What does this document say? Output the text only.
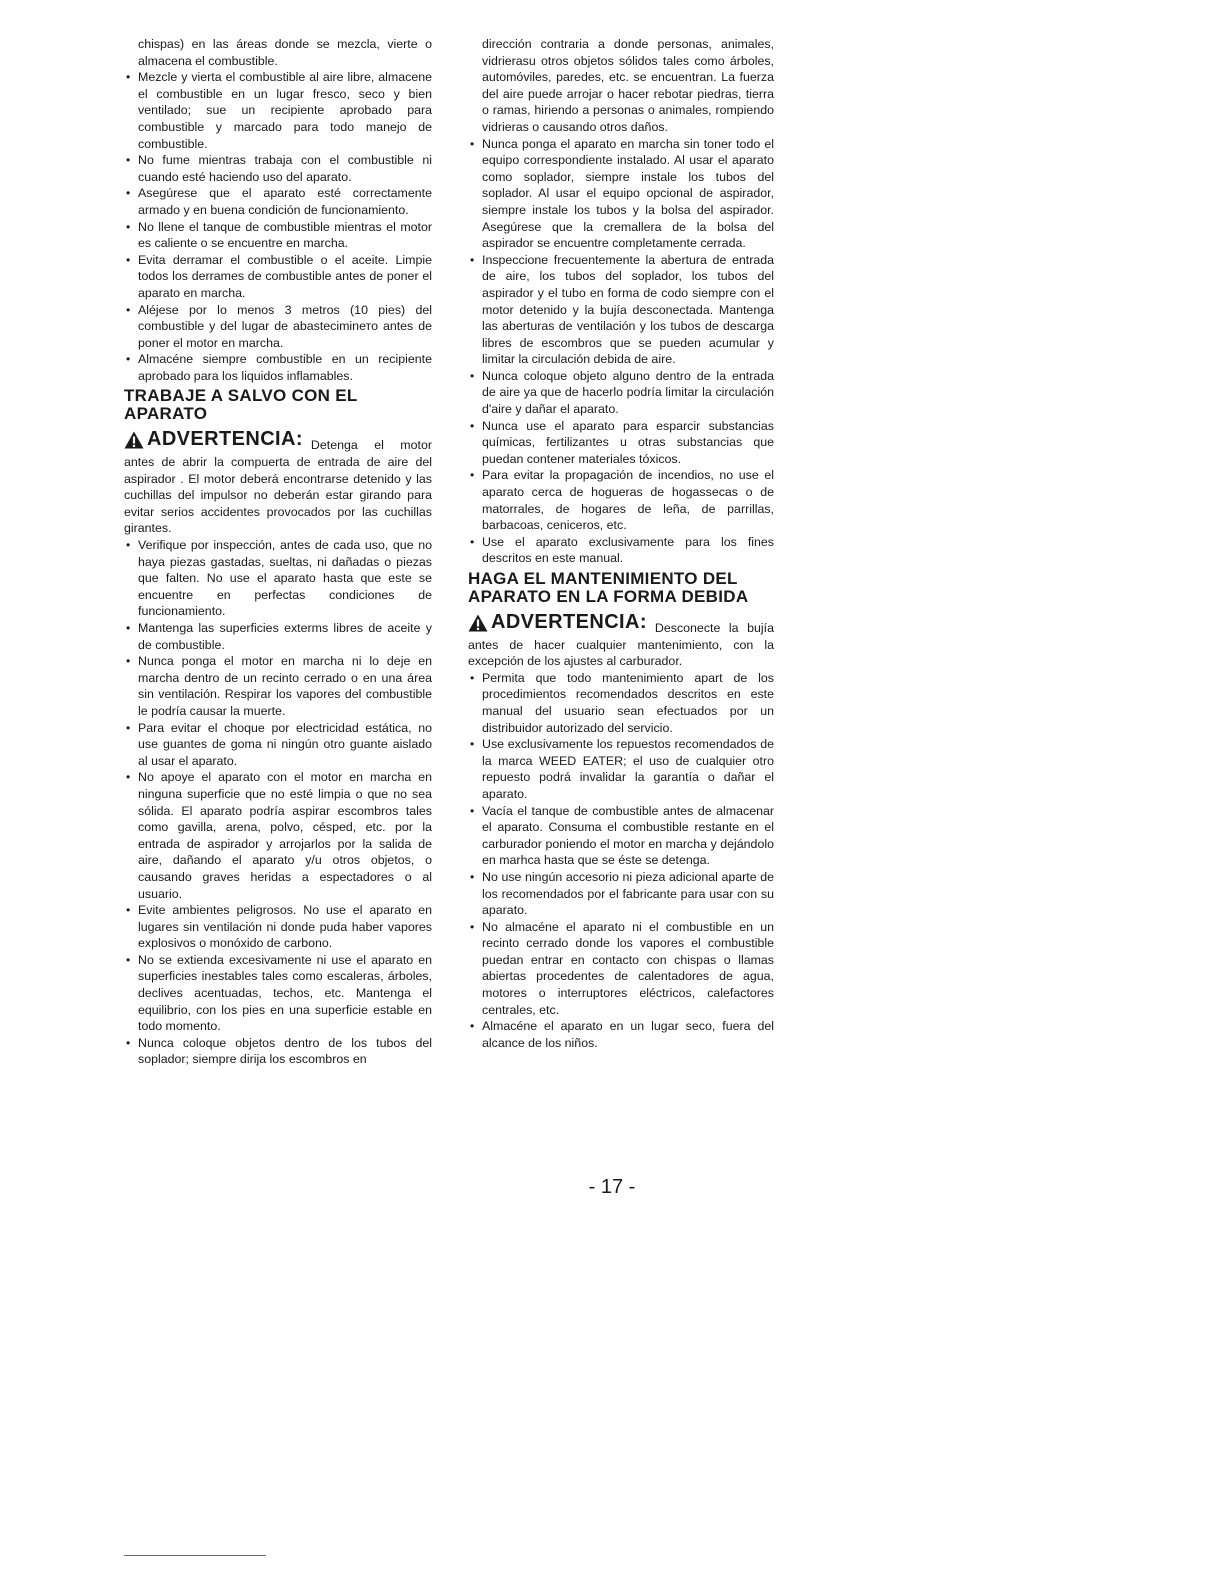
chispas) en las áreas donde se mezcla, vierte o almacena el combustible.

• Mezcle y vierta el combustible al aire libre, almacene el combustible en un lugar fresco, seco y bien ventilado; sue un recipiente aprobado para combustible y marcado para todo manejo de combustible.
• No fume mientras trabaja con el combustible ni cuando esté haciendo uso del aparato.
• Asegúrese que el aparato esté correctamente armado y en buena condición de funcionamiento.
• No llene el tanque de combustible mientras el motor es caliente o se encuentre en marcha.
• Evita derramar el combustible o el aceite. Limpie todos los derrames de combustible antes de poner el aparato en marcha.
• Aléjese por lo menos 3 metros (10 pies) del combustible y del lugar de abasteciminето antes de poner el motor en marcha.
• Almacéne siempre combustible en un recipiente aprobado para los liquidos inflamables.
TRABAJE A SALVO CON EL APARATO

ADVERTENCIA: Detenga el motor antes de abrir la compuerta de entrada de aire del aspirador . El motor deberá encontrarse detenido y las cuchillas del impulsor no deberán estar girando para evitar serios accidentes provocados por las cuchillas girantes.

• Verifique por inspección, antes de cada uso, que no haya piezas gastadas, sueltas, ni dañadas o piezas que falten. No use el aparato hasta que este se encuentre en perfectas condiciones de funcionamiento.
• Mantenga las superficies exterms libres de aceite y de combustible.
• Nunca ponga el motor en marcha ni lo deje en marcha dentro de un recinto cerrado o en una área sin ventilación. Respirar los vapores del combustible le podría causar la muerte.
• Para evitar el choque por electricidad estática, no use guantes de goma ni ningún otro guante aislado al usar el aparato.
• No apoye el aparato con el motor en marcha en ninguna superficie que no esté limpia o que no sea sólida. El aparato podría aspirar escombros tales como gavilla, arena, polvo, césped, etc. por la entrada de aspirador y arrojarlos por la salida de aire, dañando el aparato y/u otros objetos, o causando graves heridas a espectadores o al usuario.
• Evite ambientes peligrosos. No use el aparato en lugares sin ventilación ni donde puda haber vapores explosivos o monóxido de carbono.
• No se extienda excesivamente ni use el aparato en superficies inestables tales como escaleras, árboles, declives acentuadas, techos, etc. Mantenga el equilibrio, con los pies en una superficie estable en todo momento.
• Nunca coloque objetos dentro de los tubos del soplador; siempre dirija los escombros en

dirección contraria a donde personas, animales, vidrierasu otros objetos sólidos tales como árboles, automóviles, paredes, etc. se encuentran. La fuerza del aire puede arrojar o hacer rebotar piedras, tierra o ramas, hiriendo a personas o animales, rompiendo vidrieras o causando otros daños.

• Nunca ponga el aparato en marcha sin toner todo el equipo correspondiente instalado. Al usar el aparato como soplador, siempre instale los tubos del soplador. Al usar el equipo opcional de aspirador, siempre instale los tubos y la bolsa del aspirador. Asegúrese que la cremallera de la bolsa del aspirador se encuentre completamente cerrada.
• Inspeccione frecuentemente la abertura de entrada de aire, los tubos del soplador, los tubos del aspirador y el tubo en forma de codo siempre con el motor detenido y la bujía desconectada. Mantenga las aberturas de ventilación y los tubos de descarga libres de escombros que se pueden acumular y limitar la circulación debida de aire.
• Nunca coloque objeto alguno dentro de la entrada de aire ya que de hacerlo podría limitar la circulación d'aire y dañar el aparato.
• Nunca use el aparato para esparcir substancias químicas, fertilizantes u otras substancias que puedan contener materiales tóxicos.
• Para evitar la propagación de incendios, no use el aparato cerca de hogueras de hogassecas o de matorrales, de hogares de leña, de parrillas, barbacoas, ceniceros, etc.
• Use el aparato exclusivamente para los fines descritos en este manual.
HAGA EL MANTENIMIENTO DEL APARATO EN LA FORMA DEBIDA

ADVERTENCIA: Desconecte la bujía antes de hacer cualquier mantenimiento, con la excepción de los ajustes al carburador.

• Permita que todo mantenimiento apart de los procedimientos recomendados descritos en este manual del usuario sean efectuados por un distribuidor autorizado del servicio.
• Use exclusivamente los repuestos recomendados de la marca WEED EATER; el uso de cualquier otro repuesto podrá invalidar la garantía o dañar el aparato.
• Vacía el tanque de combustible antes de almacenar el aparato. Consuma el combustible restante en el carburador poniendo el motor en marcha y dejándolo en marhca hasta que se éste se detenga.
• No use ningún accesorio ni pieza adicional aparte de los recomendados por el fabricante para usar con su aparato.
• No almacéne el aparato ni el combustible en un recinto cerrado donde los vapores el combustible puedan entrar en contacto con chispas o llamas abiertas procedentes de calentadores de agua, motores o interruptores eléctricos, calefactores centrales, etc.
• Almacéne el aparato en un lugar seco, fuera del alcance de los niños.
- 17 -
